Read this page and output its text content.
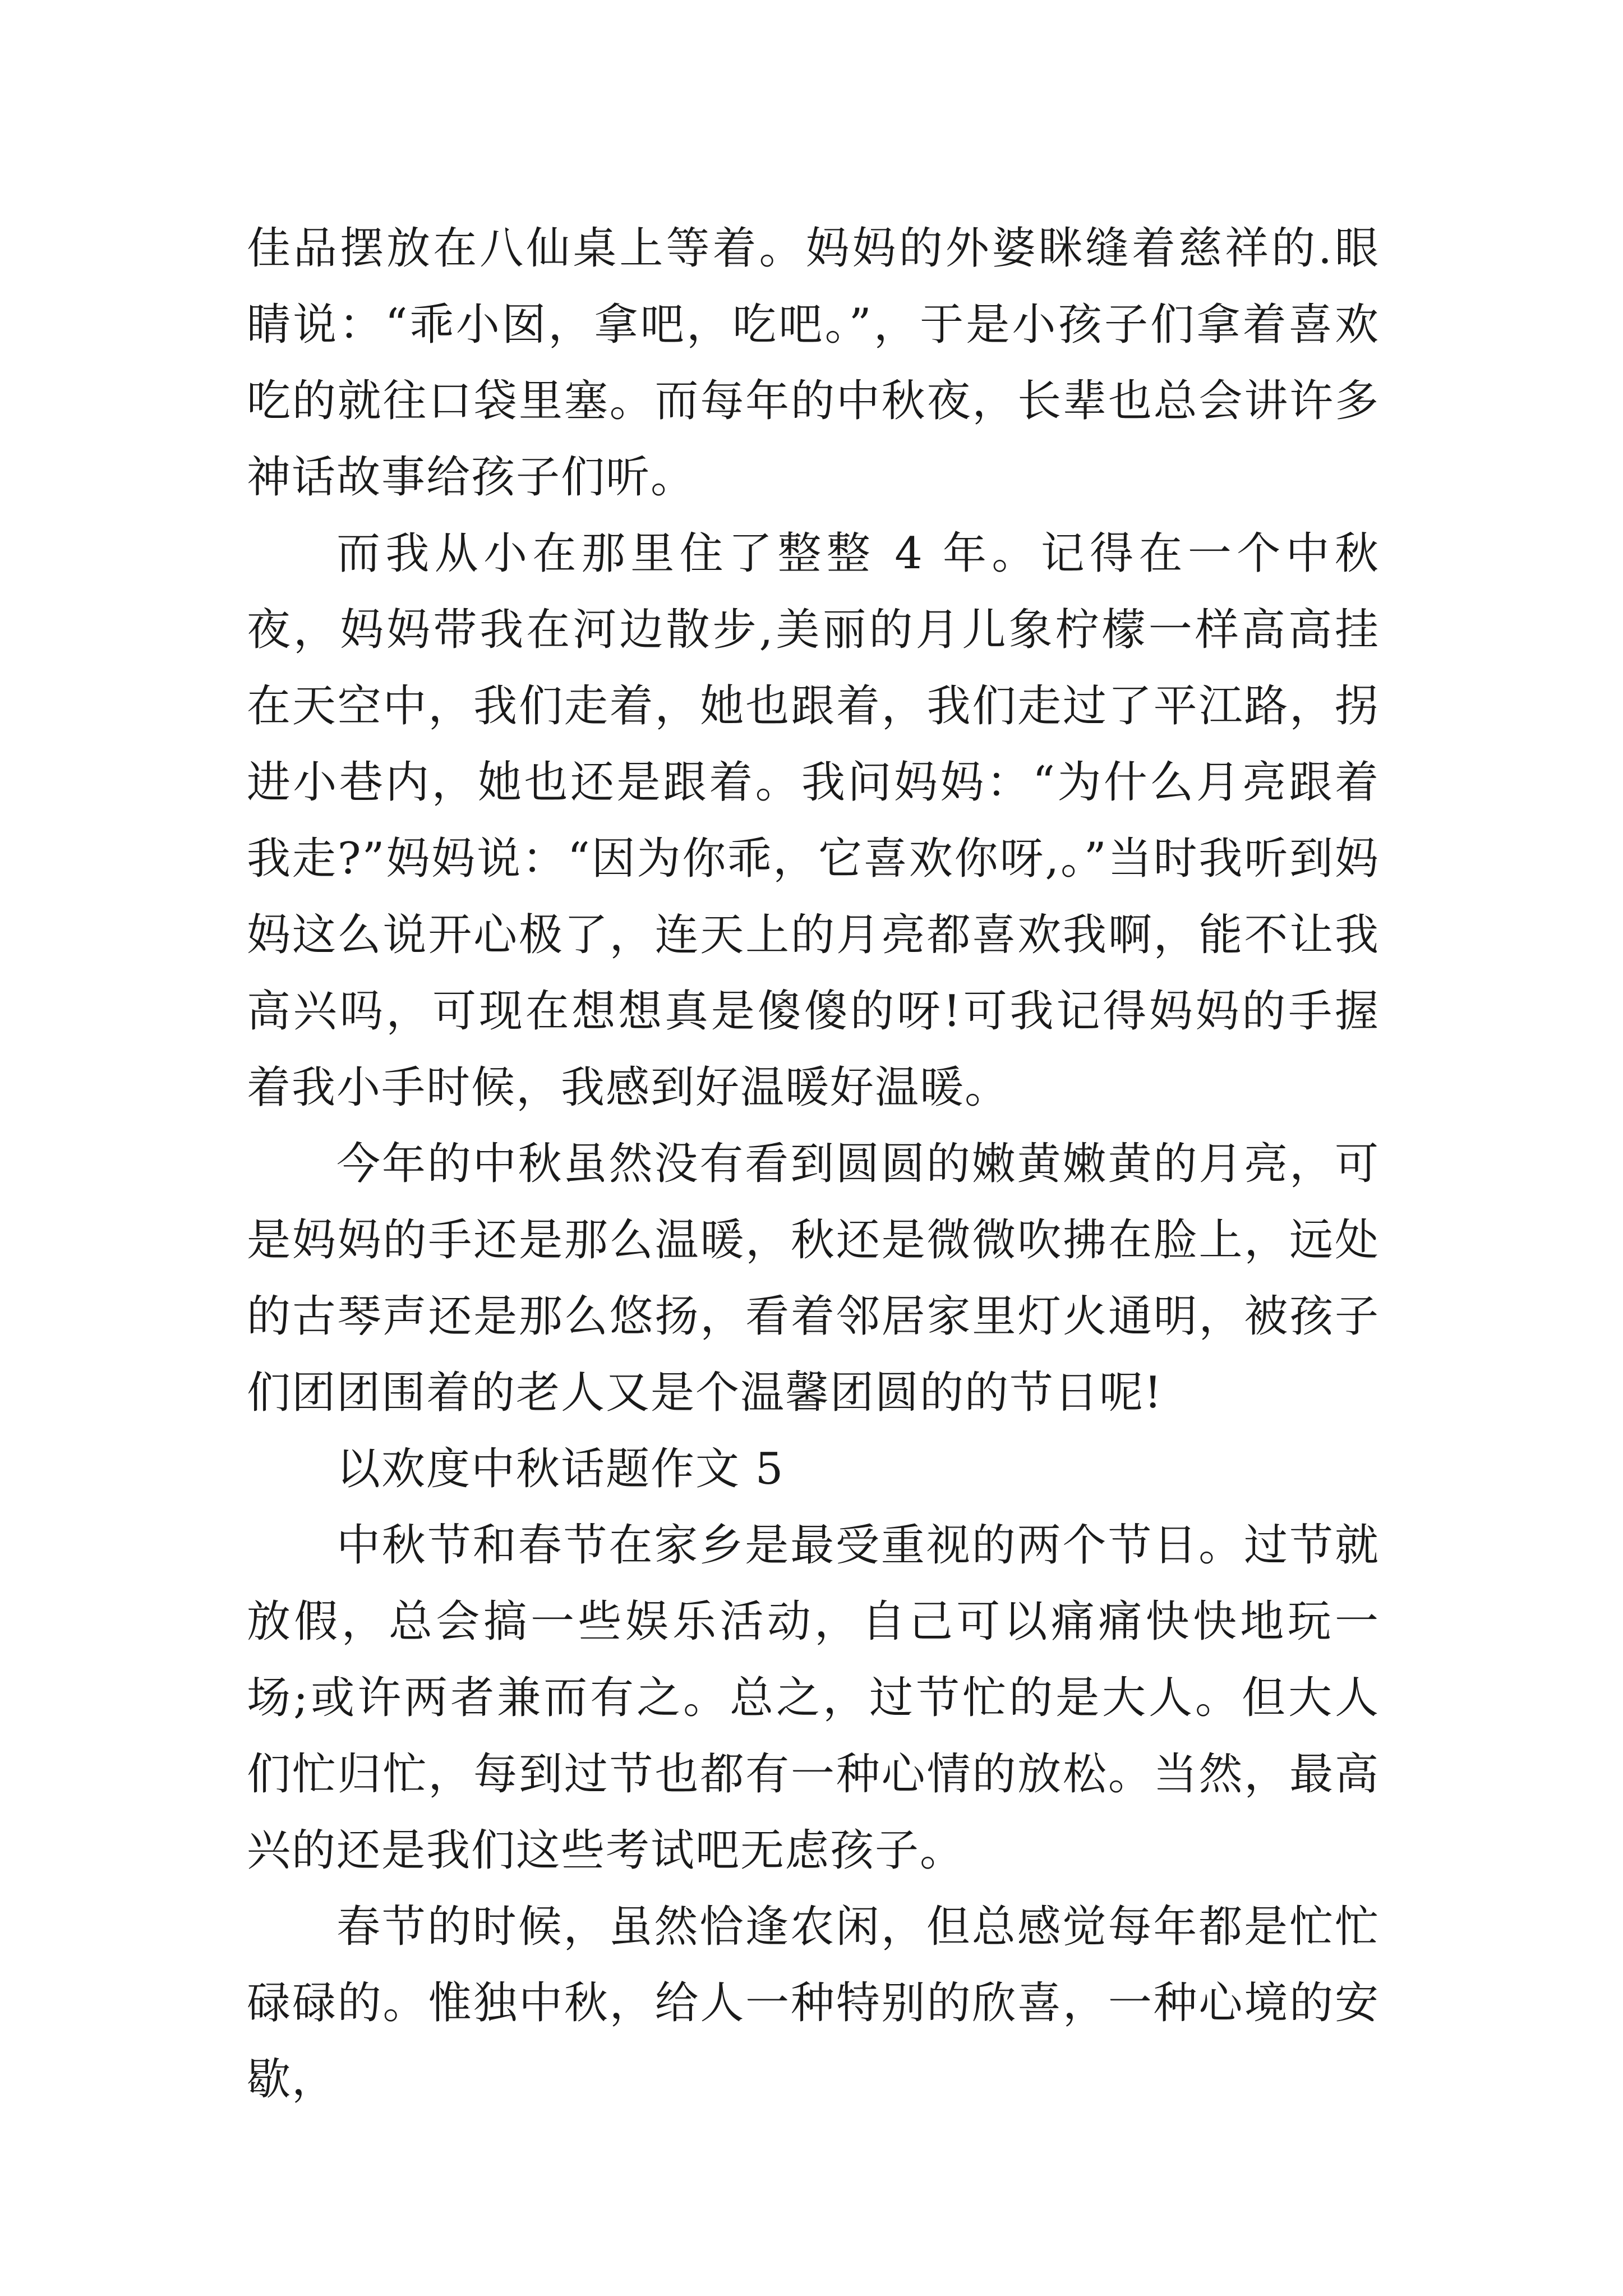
佳品摆放在八仙桌上等着。妈妈的外婆眯缝着慈祥的.眼睛说：“乖小囡，拿吧，吃吧。”，于是小孩子们拿着喜欢吃的就往口袋里塞。而每年的中秋夜，长辈也总会讲许多神话故事给孩子们听。

而我从小在那里住了整整 4 年。记得在一个中秋夜，妈妈带我在河边散步,美丽的月儿象柠檬一样高高挂在天空中，我们走着，她也跟着，我们走过了平江路，拐进小巷内，她也还是跟着。我问妈妈：“为什么月亮跟着我走?”妈妈说：“因为你乖，它喜欢你呀,。”当时我听到妈妈这么说开心极了，连天上的月亮都喜欢我啊，能不让我高兴吗，可现在想想真是傻傻的呀!可我记得妈妈的手握着我小手时候，我感到好温暖好温暖。

今年的中秋虽然没有看到圆圆的嫩黄嫩黄的月亮，可是妈妈的手还是那么温暖，秋还是微微吹拂在脸上，远处的古琴声还是那么悠扬，看着邻居家里灯火通明，被孩子们团团围着的老人又是个温馨团圆的的节日呢!

以欢度中秋话题作文 5

中秋节和春节在家乡是最受重视的两个节日。过节就放假，总会搞一些娱乐活动，自己可以痛痛快快地玩一场;或许两者兼而有之。总之，过节忙的是大人。但大人们忙归忙，每到过节也都有一种心情的放松。当然，最高兴的还是我们这些考试吧无虑孩子。

春节的时候，虽然恰逢农闲，但总感觉每年都是忙忙碌碌的。惟独中秋，给人一种特别的欣喜，一种心境的安歇，
